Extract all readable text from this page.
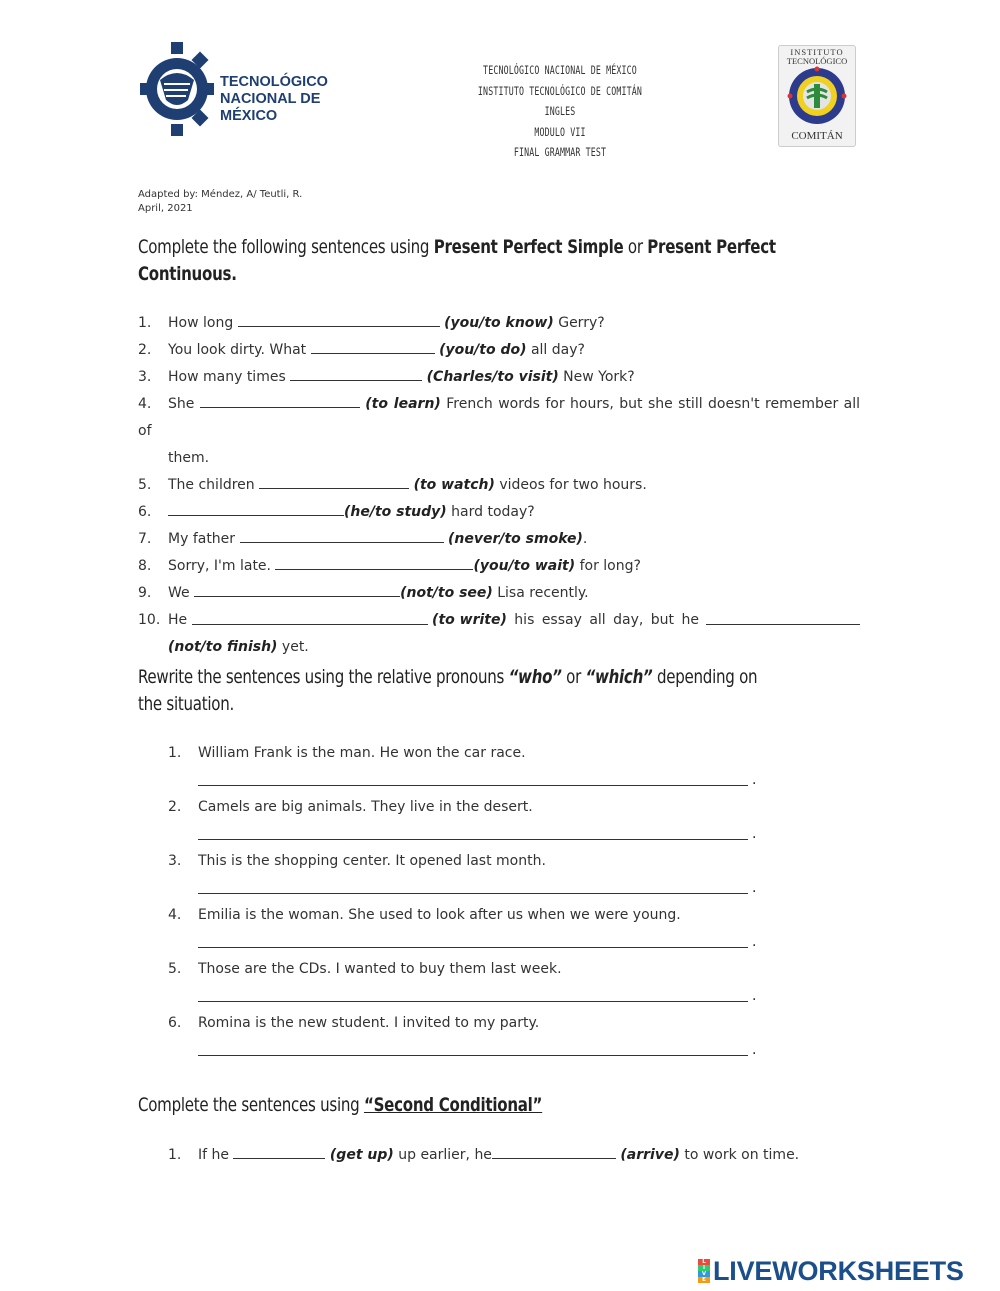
TECNOLÓGICO
NACIONAL DE MÉXICO
TECNOLÓGICO NACIONAL DE MÉXICO
INSTITUTO TECNOLÓGICO DE COMITÁN
INGLES
MODULO VII
FINAL GRAMMAR TEST
INSTITUTO
TECNOLÓGICO
COMITÁN
Adapted by: Méndez, A/ Teutli, R.
April, 2021
Complete the following sentences using Present Perfect Simple or Present Perfect
Continuous.
1. How long	(you/to know) Gerry?
2. You look dirty. What	(you/to do) all day?
3. How many times	(Charles/to visit) New York?
4. She	(to learn) French words for hours, but she still doesn't remember all of
them.
5. The children	(to watch) videos for two hours.
6.	(he/to study) hard today?
7. My father	(never/to smoke).
8. Sorry, I'm late.	(you/to wait) for long?
9. We	(not/to see) Lisa recently.
10. He
	(to write) his essay all day, but he
(not/to finish) yet.
Rewrite the sentences using the relative pronouns “who” or “which” depending on
the situation.
1. William Frank is the man. He won the car race.
.
2. Camels are big animals. They live in the desert.
.
3. This is the shopping center. It opened last month.
.
4. Emilia is the woman. She used to look after us when we were young.
.
5. Those are the CDs. I wanted to buy them last week.
.
6. Romina is the new student. I invited to my party.
.
Complete the sentences using “Second Conditional”
1. If he	(get up) up earlier, he	(arrive) to work on time.
L
I
V
E LIVEWORKSHEETS
